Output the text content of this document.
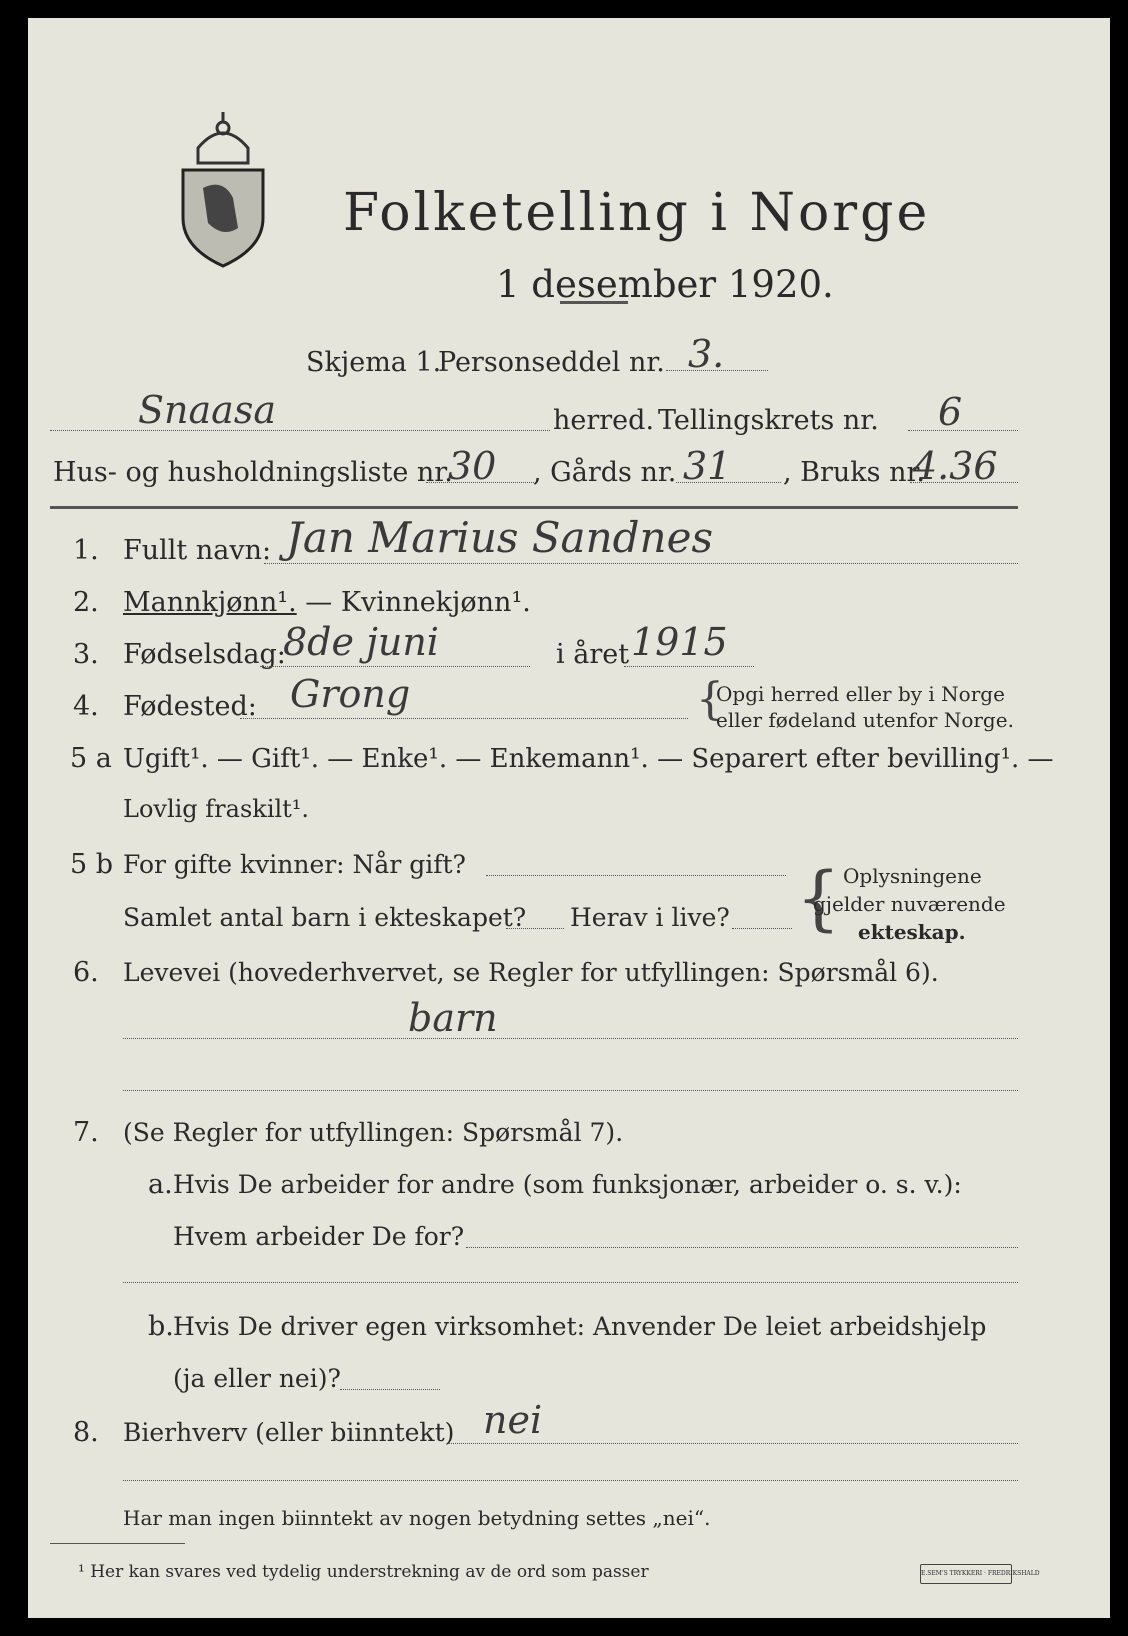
Folketelling i Norge
1 desember 1920.
Skjema 1.
Personseddel nr. 3.
Snaasa	herred. Tellingskrets nr. 6
Hus- og husholdningsliste nr.
30 , Gårds nr. 31 , Bruks nr.
4.36
1. Fullt navn: Jan Marius Sandnes
2. Mannkjønn¹. — Kvinnekjønn¹.
3. Fødselsdag:
8de juni	i året 1915
4. Fødested: Grong	{
Opgi herred eller by i Norge
eller fødeland utenfor Norge.
5 a Ugift¹. — Gift¹. — Enke¹. — Enkemann¹. — Separert efter bevilling¹. —
Lovlig fraskilt¹.
5 b For gifte kvinner: Når gift?
Samlet antal barn i ekteskapet? Herav i live? { Oplysningene
gjelder nuværende
ekteskap.
6. Levevei (hovederhvervet, se Regler for utfyllingen: Spørsmål 6).
barn
7. (Se Regler for utfyllingen: Spørsmål 7).
a. Hvis De arbeider for andre (som funksjonær, arbeider o. s. v.):
Hvem arbeider De for?
b. Hvis De driver egen virksomhet: Anvender De leiet arbeidshjelp
(ja eller nei)?
8. Bierhverv (eller biinntekt) nei
Har man ingen biinntekt av nogen betydning settes „nei“.
¹ Her kan svares ved tydelig understrekning av de ord som passer	E.SEM'S TRYKKERI · FREDRIKSHALD
